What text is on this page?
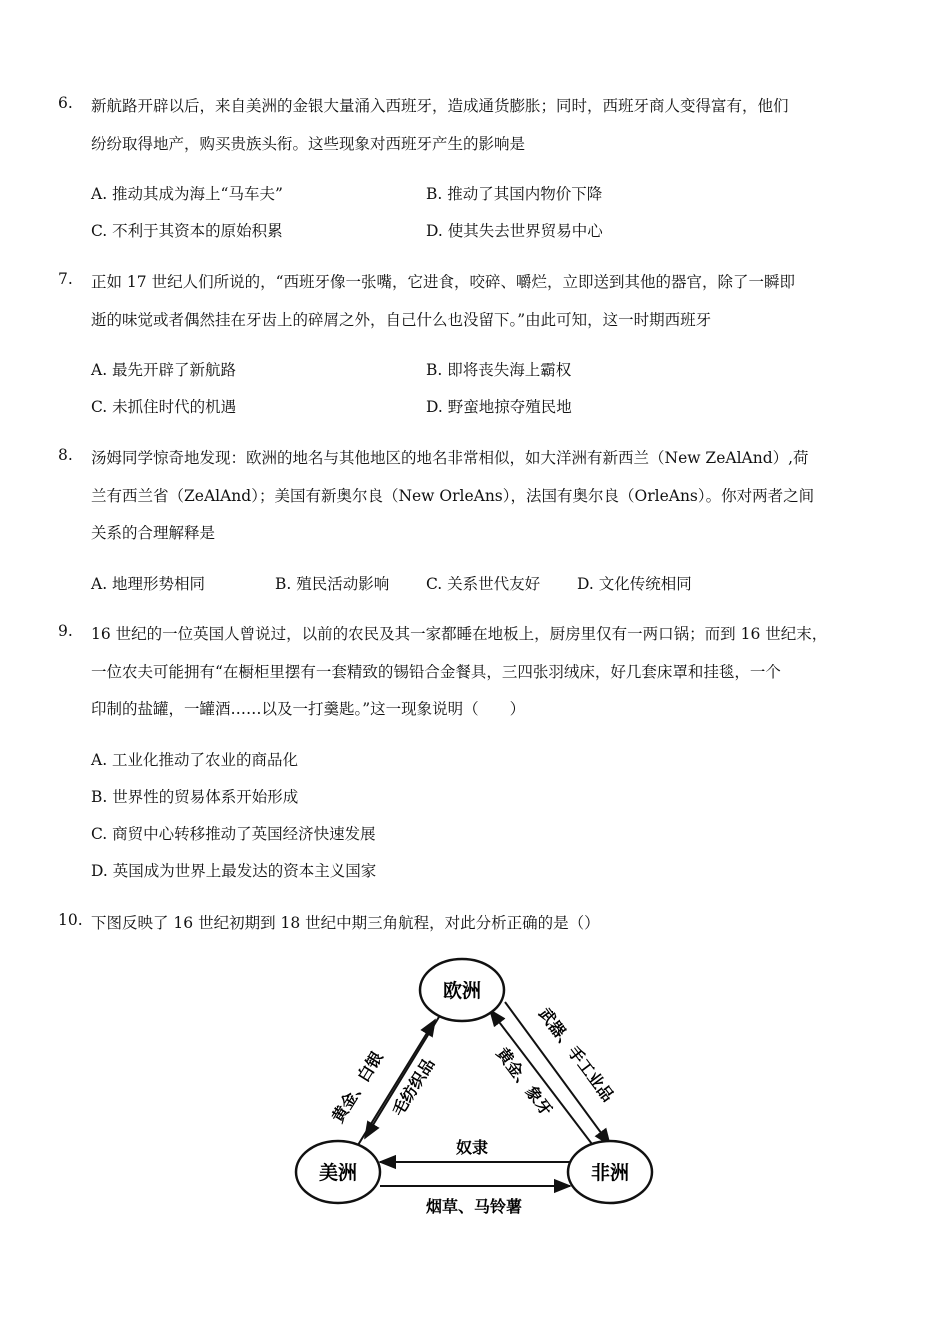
6. 新航路开辟以后，来自美洲的金银大量涌入西班牙，造成通货膨胀；同时，西班牙商人变得富有，他们
纷纷取得地产，购买贵族头衔。这些现象对西班牙产生的影响是
A. 推动其成为海上“马车夫”	B. 推动了其国内物价下降
C. 不利于其资本的原始积累	D. 使其失去世界贸易中心
7. 正如 17 世纪人们所说的，“西班牙像一张嘴，它进食，咬碎、嚼烂，立即送到其他的器官，除了一瞬即
逝的味觉或者偶然挂在牙齿上的碎屑之外，自己什么也没留下。”由此可知，这一时期西班牙
A. 最先开辟了新航路	B. 即将丧失海上霸权
C. 未抓住时代的机遇	D. 野蛮地掠夺殖民地
8. 汤姆同学惊奇地发现：欧洲的地名与其他地区的地名非常相似，如大洋洲有新西兰（New ZeAlAnd）,荷
兰有西兰省（ZeAlAnd）；美国有新奥尔良（New OrleAns），法国有奥尔良（OrleAns）。你对两者之间
关系的合理解释是
A. 地理形势相同	B. 殖民活动影响 C. 关系世代友好 D. 文化传统相同
9. 16 世纪的一位英国人曾说过，以前的农民及其一家都睡在地板上，厨房里仅有一两口锅；而到 16 世纪末，
一位农夫可能拥有“在橱柜里摆有一套精致的锡铅合金餐具，三四张羽绒床，好几套床罩和挂毯，一个
印制的盐罐，一罐酒……以及一打羹匙。”这一现象说明（　　）
A. 工业化推动了农业的商品化
B. 世界性的贸易体系开始形成
C. 商贸中心转移推动了英国经济快速发展
D. 英国成为世界上最发达的资本主义国家
10. 下图反映了 16 世纪初期到 18 世纪中期三角航程，对此分析正确的是（）
欧洲
美洲	非洲
黄金、白银 毛纺织品	黄金、象牙
武器、手工业品
奴隶
烟草、马铃薯
